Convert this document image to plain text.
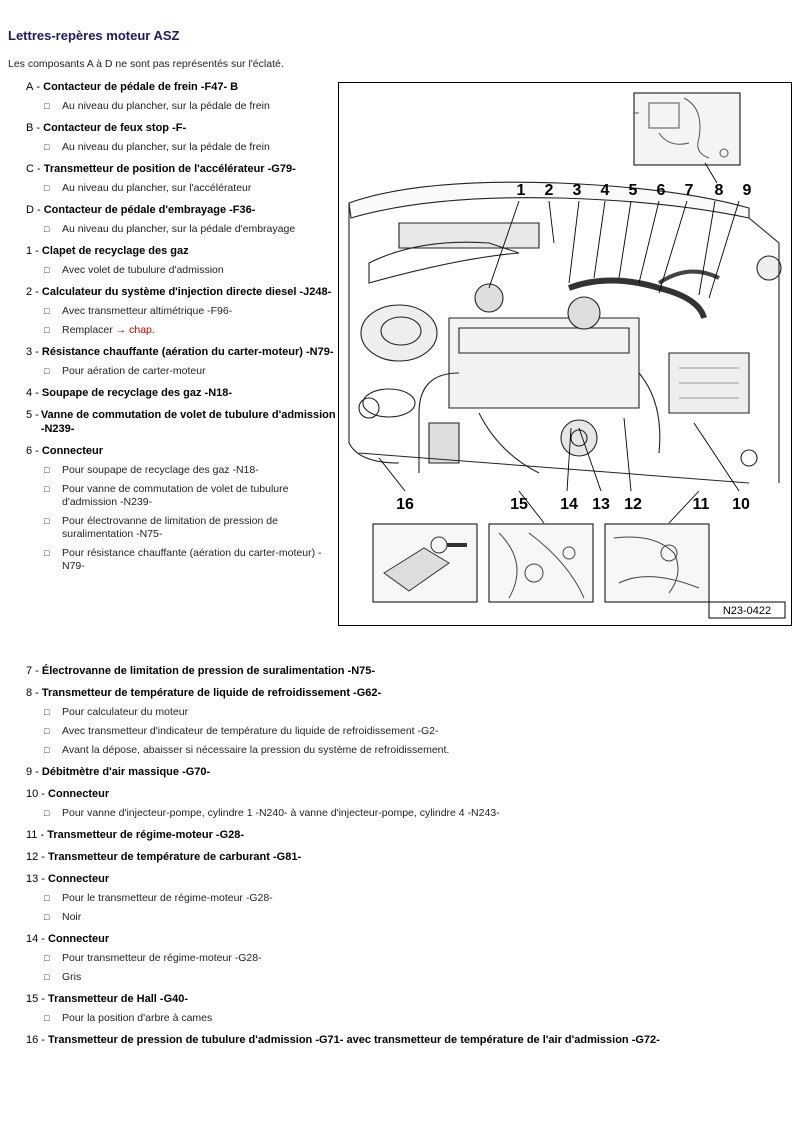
Lettres-repères moteur ASZ
Les composants A à D ne sont pas représentés sur l'éclaté.
A - Contacteur de pédale de frein -F47- B
□	Au niveau du plancher, sur la pédale de frein
B - Contacteur de feux stop -F-
□	Au niveau du plancher, sur la pédale de frein
C - Transmetteur de position de l'accélérateur -G79-
□	Au niveau du plancher, sur l'accélérateur
D - Contacteur de pédale d'embrayage -F36-
□	Au niveau du plancher, sur la pédale d'embrayage
1 - Clapet de recyclage des gaz
□	Avec volet de tubulure d'admission
2 - Calculateur du système d'injection directe diesel -J248-
□	Avec transmetteur altimétrique -F96-
□	Remplacer
→ chap.
3 - Résistance chauffante (aération du carter-moteur) -N79-
□	Pour aération de carter-moteur
4 - Soupape de recyclage des gaz -N18-
5 -
Vanne de commutation de volet de tubulure d'admission -N239-
6 - Connecteur
□	Pour soupape de recyclage des gaz -N18-
□	Pour vanne de commutation de volet de tubulure d'admission -N239-
□	Pour électrovanne de limitation de pression de suralimentation -N75-
□	Pour résistance chauffante (aération du carter-moteur) -N79-
1 2 3 4 5 6 7 8 9
16	15 14 13 12	11 10
N23-0422
7 - Électrovanne de limitation de pression de suralimentation -N75-
8 - Transmetteur de température de liquide de refroidissement -G62-
□	Pour calculateur du moteur
□	Avec transmetteur d'indicateur de température du liquide de refroidissement -G2-
□	Avant la dépose, abaisser si nécessaire la pression du système de refroidissement.
9 - Débitmètre d'air massique -G70-
10 - Connecteur
□	Pour vanne d'injecteur-pompe, cylindre 1 -N240- à vanne d'injecteur-pompe, cylindre 4 -N243-
11 - Transmetteur de régime-moteur -G28-
12 - Transmetteur de température de carburant -G81-
13 - Connecteur
□	Pour le transmetteur de régime-moteur -G28-
□	Noir
14 - Connecteur
□	Pour transmetteur de régime-moteur -G28-
□	Gris
15 - Transmetteur de Hall -G40-
□	Pour la position d'arbre à cames
16 - Transmetteur de pression de tubulure d'admission -G71- avec transmetteur de température de l'air d'admission -G72-
